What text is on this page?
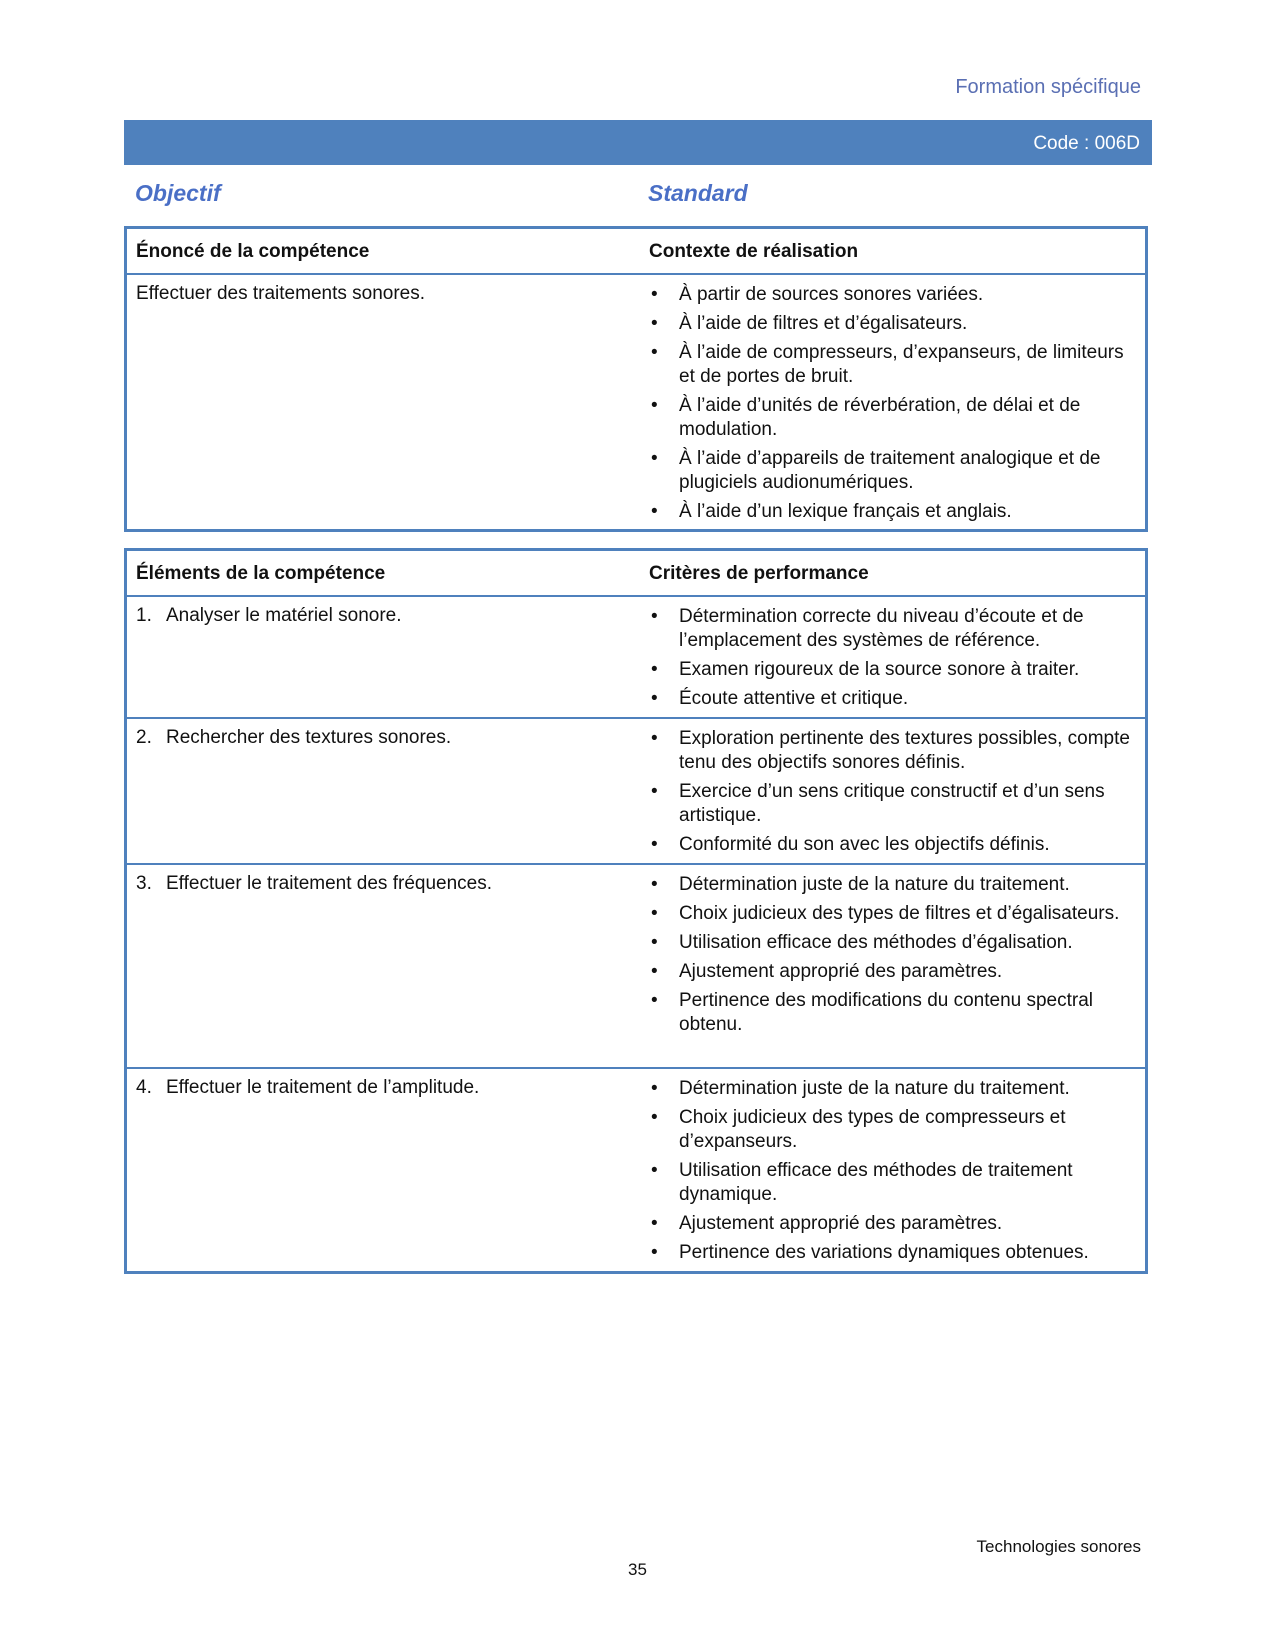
Formation spécifique
Code : 006D
Objectif	Standard
Énoncé de la compétence	Contexte de réalisation
Effectuer des traitements sonores.	• À partir de sources sonores variées.
• À l’aide de filtres et d’égalisateurs.
• À l’aide de compresseurs, d’expanseurs, de limiteurs et de portes de bruit.
• À l’aide d’unités de réverbération, de délai et de modulation.
• À l’aide d’appareils de traitement analogique et de plugiciels audionumériques.
• À l’aide d’un lexique français et anglais.
Éléments de la compétence	Critères de performance
1. Analyser le matériel sonore.	• Détermination correcte du niveau d’écoute et de l’emplacement des systèmes de référence.
• Examen rigoureux de la source sonore à traiter.
• Écoute attentive et critique.
2. Rechercher des textures sonores.	• Exploration pertinente des textures possibles, compte tenu des objectifs sonores définis.
• Exercice d’un sens critique constructif et d’un sens artistique.
• Conformité du son avec les objectifs définis.
3. Effectuer le traitement des fréquences.	• Détermination juste de la nature du traitement.
• Choix judicieux des types de filtres et d’égalisateurs.
• Utilisation efficace des méthodes d’égalisation.
• Ajustement approprié des paramètres.
• Pertinence des modifications du contenu spectral obtenu.
4. Effectuer le traitement de l’amplitude.	• Détermination juste de la nature du traitement.
• Choix judicieux des types de compresseurs et d’expanseurs.
• Utilisation efficace des méthodes de traitement dynamique.
• Ajustement approprié des paramètres.
• Pertinence des variations dynamiques obtenues.
Technologies sonores
35
